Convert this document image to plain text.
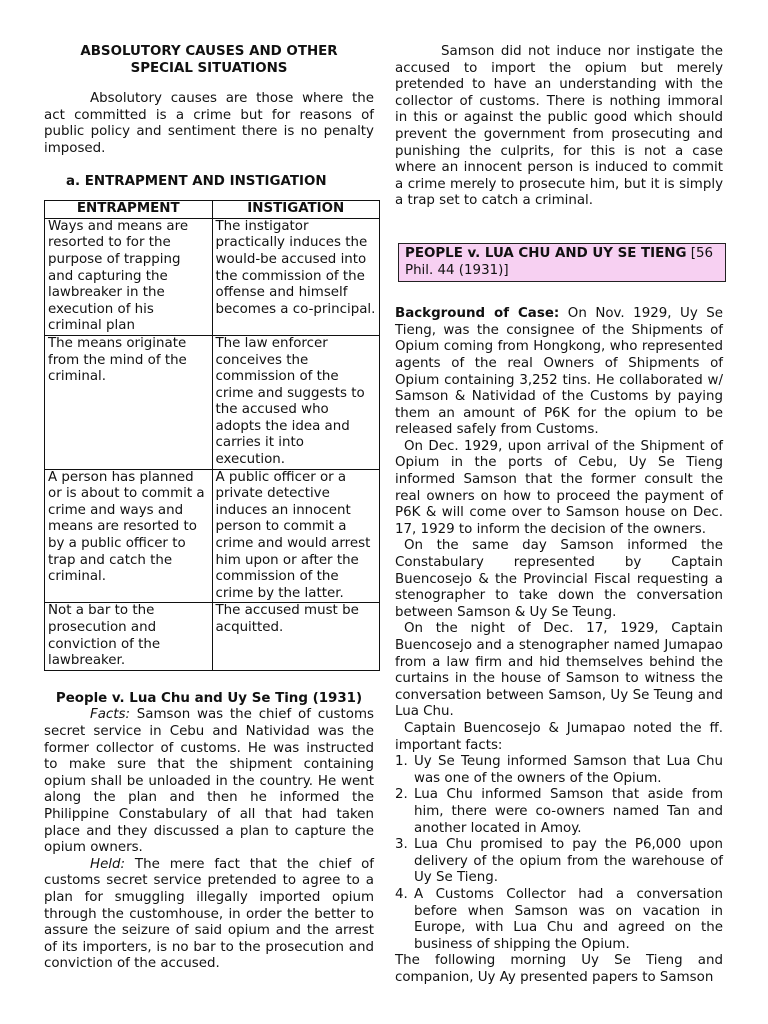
ABSOLUTORY CAUSES AND OTHER
SPECIAL SITUATIONS

Absolutory causes are those where the act committed is a crime but for reasons of public policy and sentiment there is no penalty imposed.

a. ENTRAPMENT AND INSTIGATION
ENTRAPMENT	INSTIGATION
Ways and means are resorted to for the purpose of trapping and capturing the lawbreaker in the execution of his criminal plan	The instigator practically induces the would-be accused into the commission of the offense and himself becomes a co-principal.
The means originate from the mind of the criminal.	The law enforcer conceives the commission of the crime and suggests to the accused who adopts the idea and carries it into execution.
A person has planned or is about to commit a crime and ways and means are resorted to by a public officer to trap and catch the criminal.	A public officer or a private detective induces an innocent person to commit a crime and would arrest him upon or after the commission of the crime by the latter.
Not a bar to the prosecution and conviction of the lawbreaker.	The accused must be acquitted.
People v. Lua Chu and Uy Se Ting (1931)

Facts: Samson was the chief of customs secret service in Cebu and Natividad was the former collector of customs. He was instructed to make sure that the shipment containing opium shall be unloaded in the country. He went along the plan and then he informed the Philippine Constabulary of all that had taken place and they discussed a plan to capture the opium owners.

Held: The mere fact that the chief of customs secret service pretended to agree to a plan for smuggling illegally imported opium through the customhouse, in order the better to assure the seizure of said opium and the arrest of its importers, is no bar to the prosecution and conviction of the accused.

Samson did not induce nor instigate the accused to import the opium but merely pretended to have an understanding with the collector of customs. There is nothing immoral in this or against the public good which should prevent the government from prosecuting and punishing the culprits, for this is not a case where an innocent person is induced to commit a crime merely to prosecute him, but it is simply a trap set to catch a criminal.

PEOPLE v. LUA CHU AND UY SE TIENG [56 Phil. 44 (1931)]

Background of Case: On Nov. 1929, Uy Se Tieng, was the consignee of the Shipments of Opium coming from Hongkong, who represented agents of the real Owners of Shipments of Opium containing 3,252 tins. He collaborated w/ Samson & Natividad of the Customs by paying them an amount of P6K for the opium to be released safely from Customs.

On Dec. 1929, upon arrival of the Shipment of Opium in the ports of Cebu, Uy Se Tieng informed Samson that the former consult the real owners on how to proceed the payment of P6K & will come over to Samson house on Dec. 17, 1929 to inform the decision of the owners.

On the same day Samson informed the Constabulary represented by Captain Buencosejo & the Provincial Fiscal requesting a stenographer to take down the conversation between Samson & Uy Se Teung.

On the night of Dec. 17, 1929, Captain Buencosejo and a stenographer named Jumapao from a law firm and hid themselves behind the curtains in the house of Samson to witness the conversation between Samson, Uy Se Teung and Lua Chu.

Captain Buencosejo & Jumapao noted the ff. important facts:

1. Uy Se Teung informed Samson that Lua Chu was one of the owners of the Opium.
2. Lua Chu informed Samson that aside from him, there were co-owners named Tan and another located in Amoy.
3. Lua Chu promised to pay the P6,000 upon delivery of the opium from the warehouse of Uy Se Tieng.
4. A Customs Collector had a conversation before when Samson was on vacation in Europe, with Lua Chu and agreed on the business of shipping the Opium.

The following morning Uy Se Tieng and companion, Uy Ay presented papers to Samson
